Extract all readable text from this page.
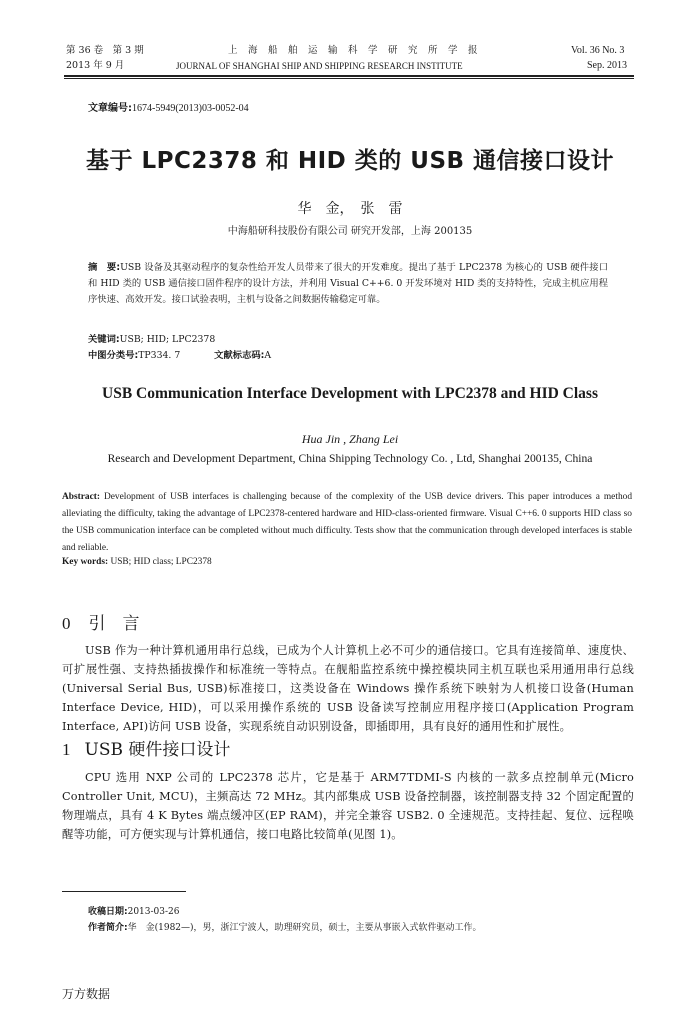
第 36 卷　第 3 期
2013 年 9 月
上　海　船　舶　运　输　科　学　研　究　所　学　报
JOURNAL OF SHANGHAI SHIP AND SHIPPING RESEARCH INSTITUTE
Vol. 36 No. 3
Sep. 2013
文章编号:1674-5949(2013)03-0052-04
基于 LPC2378 和 HID 类的 USB 通信接口设计
华　金，　张　雷
中海船研科技股份有限公司 研究开发部，上海 200135
摘　要:USB 设备及其驱动程序的复杂性给开发人员带来了很大的开发难度。提出了基于 LPC2378 为核心的 USB 硬件接口和 HID 类的 USB 通信接口固件程序的设计方法，并利用 Visual C++6. 0 开发环境对 HID 类的支持特性，完成主机应用程序快速、高效开发。接口试验表明，主机与设备之间数据传输稳定可靠。
关键词:USB; HID; LPC2378
中图分类号:TP334. 7	文献标志码:A
USB Communication Interface Development with LPC2378 and HID Class
Hua Jin , Zhang Lei
Research and Development Department, China Shipping Technology Co. , Ltd, Shanghai 200135, China
Abstract: Development of USB interfaces is challenging because of the complexity of the USB device drivers. This paper introduces a method alleviating the difficulty, taking the advantage of LPC2378-centered hardware and HID-class-oriented firmware. Visual C++6. 0 supports HID class so the USB communication interface can be completed without much difficulty. Tests show that the communication through developed interfaces is stable and reliable.
Key words: USB; HID class; LPC2378
0 引　言
USB 作为一种计算机通用串行总线，已成为个人计算机上必不可少的通信接口。它具有连接简单、速度快、可扩展性强、支持热插拔操作和标准统一等特点。在舰船监控系统中操控模块同主机互联也采用通用串行总线(Universal Serial Bus, USB)标准接口，这类设备在 Windows 操作系统下映射为人机接口设备(Human Interface Device, HID)，可以采用操作系统的 USB 设备读写控制应用程序接口(Application Program Interface, API)访问 USB 设备，实现系统自动识别设备，即插即用，具有良好的通用性和扩展性。
1 USB 硬件接口设计
CPU 选用 NXP 公司的 LPC2378 芯片，它是基于 ARM7TDMI-S 内核的一款多点控制单元(Micro Controller Unit, MCU)，主频高达 72 MHz。其内部集成 USB 设备控制器，该控制器支持 32 个固定配置的物理端点，具有 4 K Bytes 端点缓冲区(EP RAM)，并完全兼容 USB2. 0 全速规范。支持挂起、复位、远程唤醒等功能，可方便实现与计算机通信，接口电路比较简单(见图 1)。
收稿日期:2013-03-26
作者简介:华　金(1982—)，男，浙江宁波人，助理研究员，硕士，主要从事嵌入式软件驱动工作。
万方数据
